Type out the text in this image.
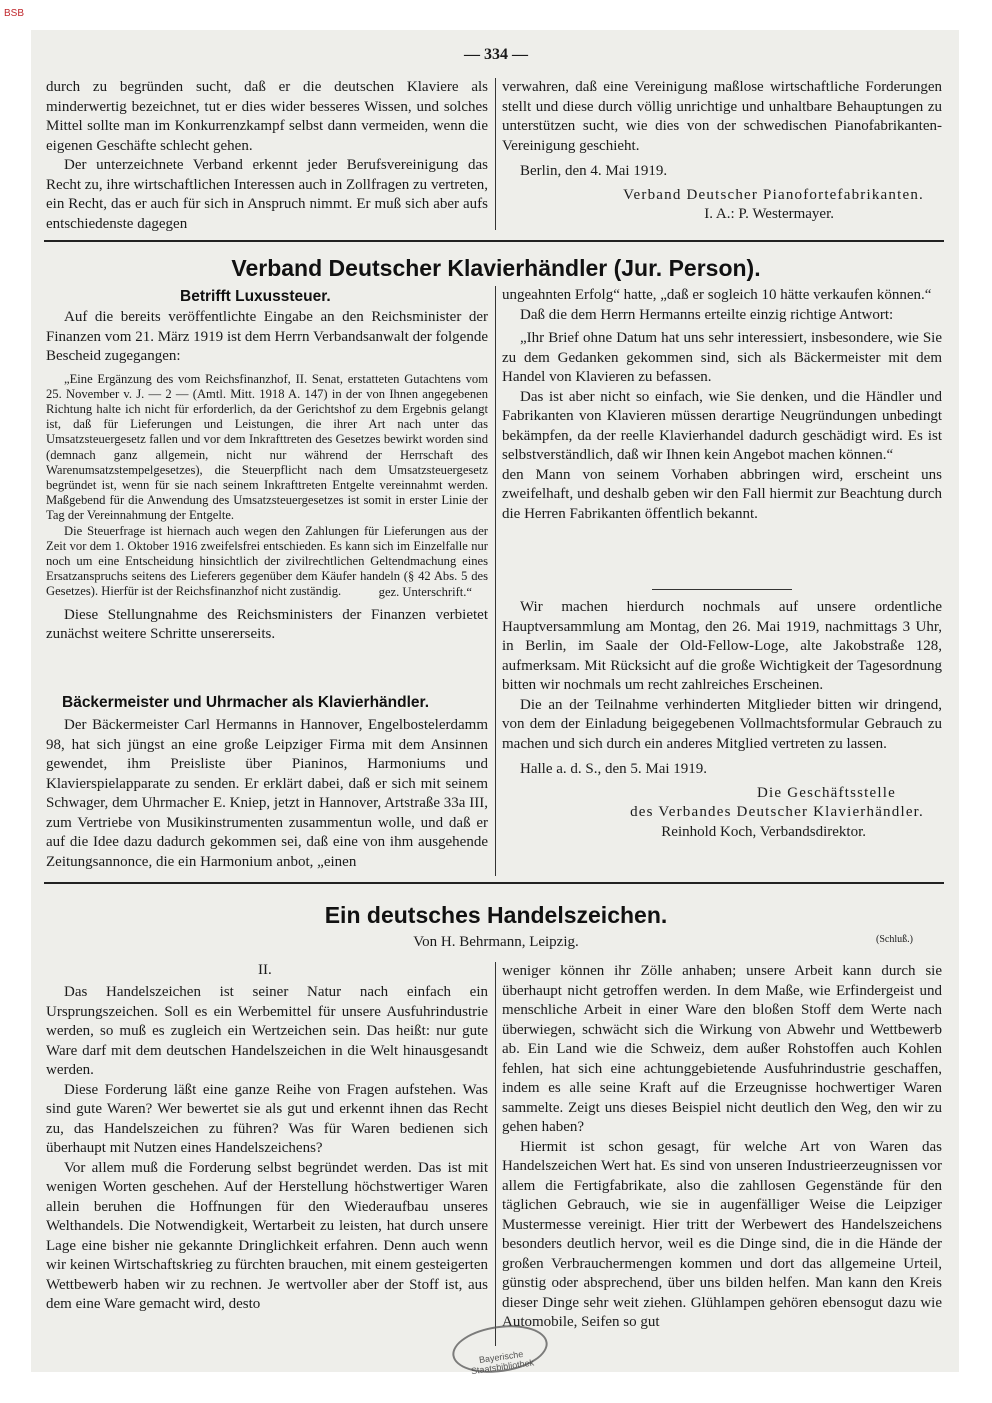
BSB
— 334 —

durch zu begründen sucht, daß er die deutschen Klaviere als minderwertig bezeichnet, tut er dies wider besseres Wissen, und solches Mittel sollte man im Konkurrenzkampf selbst dann vermeiden, wenn die eigenen Geschäfte schlecht gehen.

Der unterzeichnete Verband erkennt jeder Berufsvereinigung das Recht zu, ihre wirtschaftlichen Interessen auch in Zollfragen zu vertreten, ein Recht, das er auch für sich in Anspruch nimmt. Er muß sich aber aufs entschiedenste dagegen

verwahren, daß eine Vereinigung maßlose wirtschaftliche Forderungen stellt und diese durch völlig unrichtige und unhaltbare Behauptungen zu unterstützen sucht, wie dies von der schwedischen Pianofabrikanten-Vereinigung geschieht.

Berlin, den 4. Mai 1919.

Verband Deutscher Pianofortefabrikanten.

I. A.: P. Westermayer.

Verband Deutscher Klavierhändler (Jur. Person).
Betrifft Luxussteuer.

Auf die bereits veröffentlichte Eingabe an den Reichsminister der Finanzen vom 21. März 1919 ist dem Herrn Verbandsanwalt der folgende Bescheid zugegangen:

„Eine Ergänzung des vom Reichsfinanzhof, II. Senat, erstatteten Gutachtens vom 25. November v. J. — 2 — (Amtl. Mitt. 1918 A. 147) in der von Ihnen angegebenen Richtung halte ich nicht für erforderlich, da der Gerichtshof zu dem Ergebnis gelangt ist, daß für Lieferungen und Leistungen, die ihrer Art nach unter das Umsatzsteuergesetz fallen und vor dem Inkrafttreten des Gesetzes bewirkt worden sind (demnach ganz allgemein, nicht nur während der Herrschaft des Warenumsatzstempelgesetzes), die Steuerpflicht nach dem Umsatzsteuergesetz begründet ist, wenn für sie nach seinem Inkrafttreten Entgelte vereinnahmt werden. Maßgebend für die Anwendung des Umsatzsteuergesetzes ist somit in erster Linie der Tag der Vereinnahmung der Entgelte.

Die Steuerfrage ist hiernach auch wegen den Zahlungen für Lieferungen aus der Zeit vor dem 1. Oktober 1916 zweifelsfrei entschieden. Es kann sich im Einzelfalle nur noch um eine Entscheidung hinsichtlich der zivilrechtlichen Geltendmachung eines Ersatzanspruchs seitens des Lieferers gegenüber dem Käufer handeln (§ 42 Abs. 5 des Gesetzes). Hierfür ist der Reichsfinanzhof nicht zuständig.	gez. Unterschrift.“

Diese Stellungnahme des Reichsministers der Finanzen verbietet zunächst weitere Schritte unsererseits.

Bäckermeister und Uhrmacher als Klavierhändler.

Der Bäckermeister Carl Hermanns in Hannover, Engelbostelerdamm 98, hat sich jüngst an eine große Leipziger Firma mit dem Ansinnen gewendet, ihm Preisliste über Pianinos, Harmoniums und Klavierspielapparate zu senden. Er erklärt dabei, daß er sich mit seinem Schwager, dem Uhrmacher E. Kniep, jetzt in Hannover, Artstraße 33a III, zum Vertriebe von Musikinstrumenten zusammentun wolle, und daß er auf die Idee dazu dadurch gekommen sei, daß eine von ihm ausgehende Zeitungsannonce, die ein Harmonium anbot, „einen

ungeahnten Erfolg“ hatte, „daß er sogleich 10 hätte verkaufen können.“

Daß die dem Herrn Hermanns erteilte einzig richtige Antwort:

„Ihr Brief ohne Datum hat uns sehr interessiert, insbesondere, wie Sie zu dem Gedanken gekommen sind, sich als Bäckermeister mit dem Handel von Klavieren zu befassen.

Das ist aber nicht so einfach, wie Sie denken, und die Händler und Fabrikanten von Klavieren müssen derartige Neugründungen unbedingt bekämpfen, da der reelle Klavierhandel dadurch geschädigt wird. Es ist selbstverständlich, daß wir Ihnen kein Angebot machen können.“

den Mann von seinem Vorhaben abbringen wird, erscheint uns zweifelhaft, und deshalb geben wir den Fall hiermit zur Beachtung durch die Herren Fabrikanten öffentlich bekannt.

Wir machen hierdurch nochmals auf unsere ordentliche Hauptversammlung am Montag, den 26. Mai 1919, nachmittags 3 Uhr, in Berlin, im Saale der Old-Fellow-Loge, alte Jakobstraße 128, aufmerksam. Mit Rücksicht auf die große Wichtigkeit der Tagesordnung bitten wir nochmals um recht zahlreiches Erscheinen.

Die an der Teilnahme verhinderten Mitglieder bitten wir dringend, von dem der Einladung beigegebenen Vollmachtsformular Gebrauch zu machen und sich durch ein anderes Mitglied vertreten zu lassen.

Halle a. d. S., den 5. Mai 1919.

Die Geschäftsstelle

des Verbandes Deutscher Klavierhändler.

Reinhold Koch, Verbandsdirektor.

Ein deutsches Handelszeichen.
Von H. Behrmann, Leipzig.	(Schluß.)
II.

Das Handelszeichen ist seiner Natur nach einfach ein Ursprungszeichen. Soll es ein Werbemittel für unsere Ausfuhrindustrie werden, so muß es zugleich ein Wertzeichen sein. Das heißt: nur gute Ware darf mit dem deutschen Handelszeichen in die Welt hinausgesandt werden.

Diese Forderung läßt eine ganze Reihe von Fragen aufstehen. Was sind gute Waren? Wer bewertet sie als gut und erkennt ihnen das Recht zu, das Handelszeichen zu führen? Was für Waren bedienen sich überhaupt mit Nutzen eines Handelszeichens?

Vor allem muß die Forderung selbst begründet werden. Das ist mit wenigen Worten geschehen. Auf der Herstellung höchstwertiger Waren allein beruhen die Hoffnungen für den Wiederaufbau unseres Welthandels. Die Notwendigkeit, Wertarbeit zu leisten, hat durch unsere Lage eine bisher nie gekannte Dringlichkeit erfahren. Denn auch wenn wir keinen Wirtschaftskrieg zu fürchten brauchen, mit einem gesteigerten Wettbewerb haben wir zu rechnen. Je wertvoller aber der Stoff ist, aus dem eine Ware gemacht wird, desto

weniger können ihr Zölle anhaben; unsere Arbeit kann durch sie überhaupt nicht getroffen werden. In dem Maße, wie Erfindergeist und menschliche Arbeit in einer Ware den bloßen Stoff dem Werte nach überwiegen, schwächt sich die Wirkung von Abwehr und Wettbewerb ab. Ein Land wie die Schweiz, dem außer Rohstoffen auch Kohlen fehlen, hat sich eine achtunggebietende Ausfuhrindustrie geschaffen, indem es alle seine Kraft auf die Erzeugnisse hochwertiger Waren sammelte. Zeigt uns dieses Beispiel nicht deutlich den Weg, den wir zu gehen haben?

Hiermit ist schon gesagt, für welche Art von Waren das Handelszeichen Wert hat. Es sind von unseren Industrieerzeugnissen vor allem die Fertigfabrikate, also die zahllosen Gegenstände für den täglichen Gebrauch, wie sie in augenfälliger Weise die Leipziger Mustermesse vereinigt. Hier tritt der Werbewert des Handelszeichens besonders deutlich hervor, weil es die Dinge sind, die in die Hände der großen Verbrauchermengen kommen und dort das allgemeine Urteil, günstig oder absprechend, über uns bilden helfen. Man kann den Kreis dieser Dinge sehr weit ziehen. Glühlampen gehören ebensogut dazu wie Automobile, Seifen so gut

Bayerische Staatsbibliothek
